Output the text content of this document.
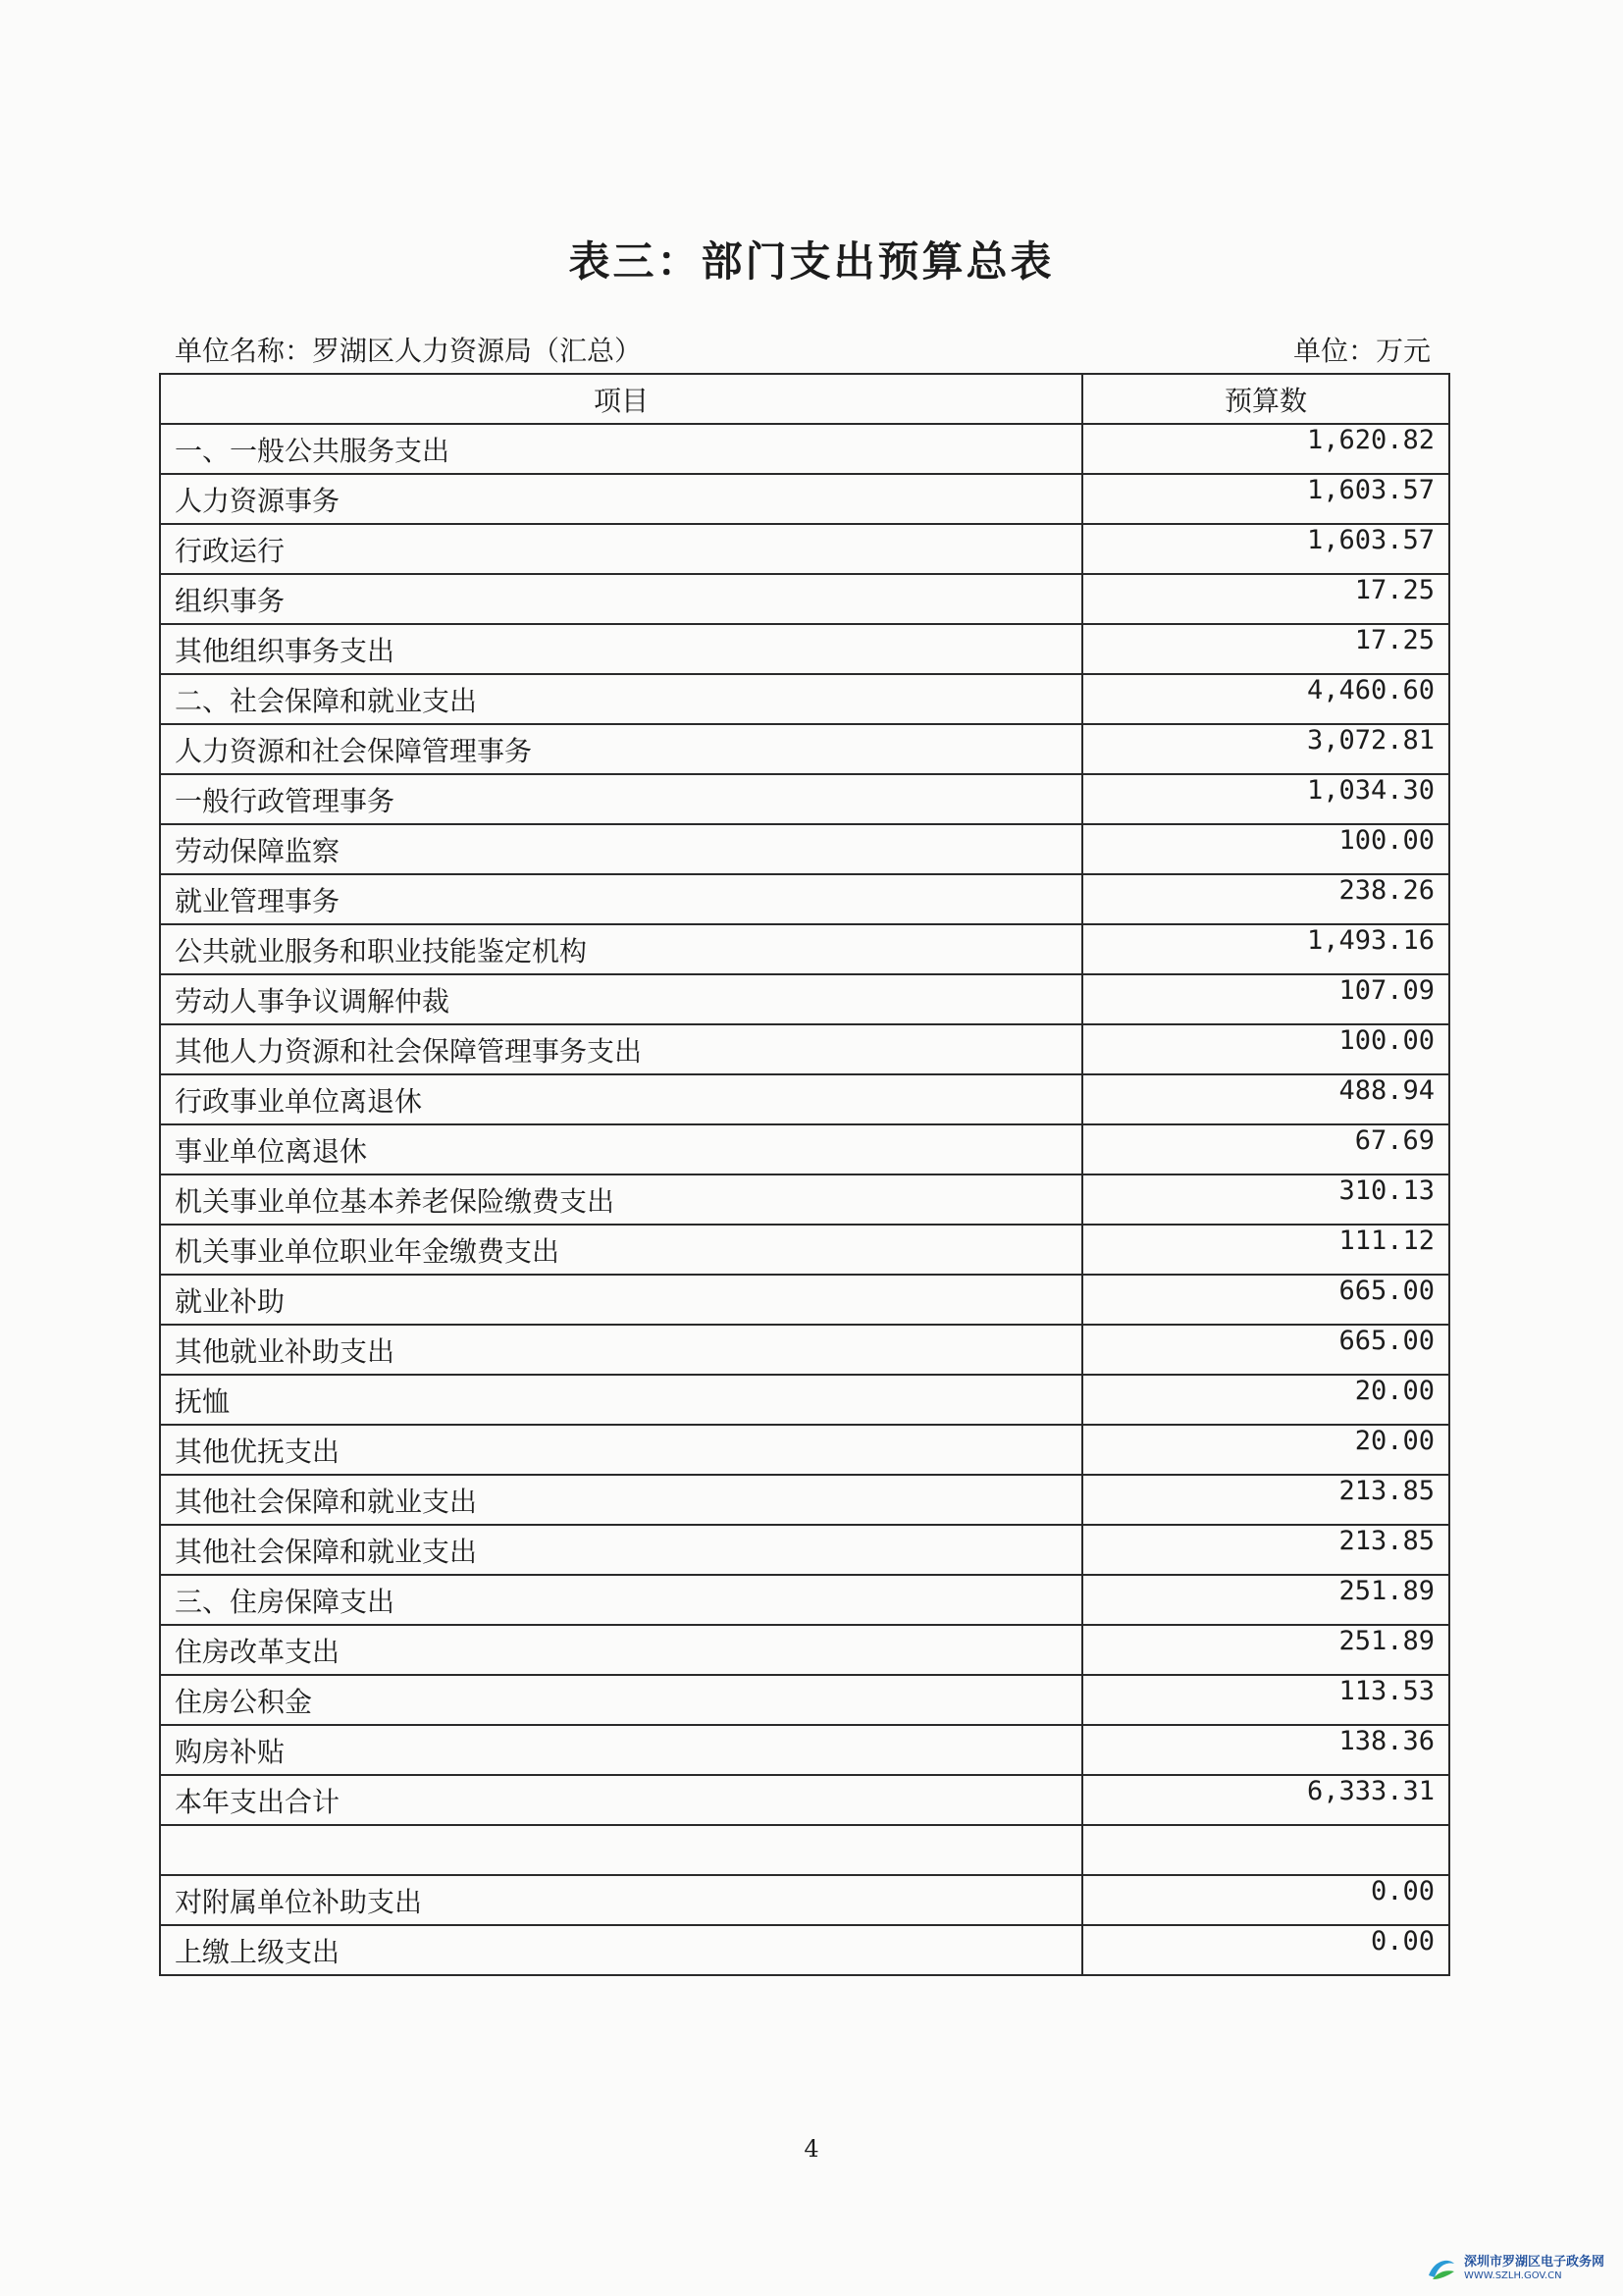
表三：部门支出预算总表
单位名称：罗湖区人力资源局（汇总）	单位：万元
项目	预算数
一、一般公共服务支出	1,620.82
人力资源事务	1,603.57
行政运行	1,603.57
组织事务	17.25
其他组织事务支出	17.25
二、社会保障和就业支出	4,460.60
人力资源和社会保障管理事务	3,072.81
一般行政管理事务	1,034.30
劳动保障监察	100.00
就业管理事务	238.26
公共就业服务和职业技能鉴定机构	1,493.16
劳动人事争议调解仲裁	107.09
其他人力资源和社会保障管理事务支出	100.00
行政事业单位离退休	488.94
事业单位离退休	67.69
机关事业单位基本养老保险缴费支出	310.13
机关事业单位职业年金缴费支出	111.12
就业补助	665.00
其他就业补助支出	665.00
抚恤	20.00
其他优抚支出	20.00
其他社会保障和就业支出	213.85
其他社会保障和就业支出	213.85
三、住房保障支出	251.89
住房改革支出	251.89
住房公积金	113.53
购房补贴	138.36
本年支出合计	6,333.31

对附属单位补助支出	0.00
上缴上级支出	0.00
4
深圳市罗湖区电子政务网
WWW.SZLH.GOV.CN
